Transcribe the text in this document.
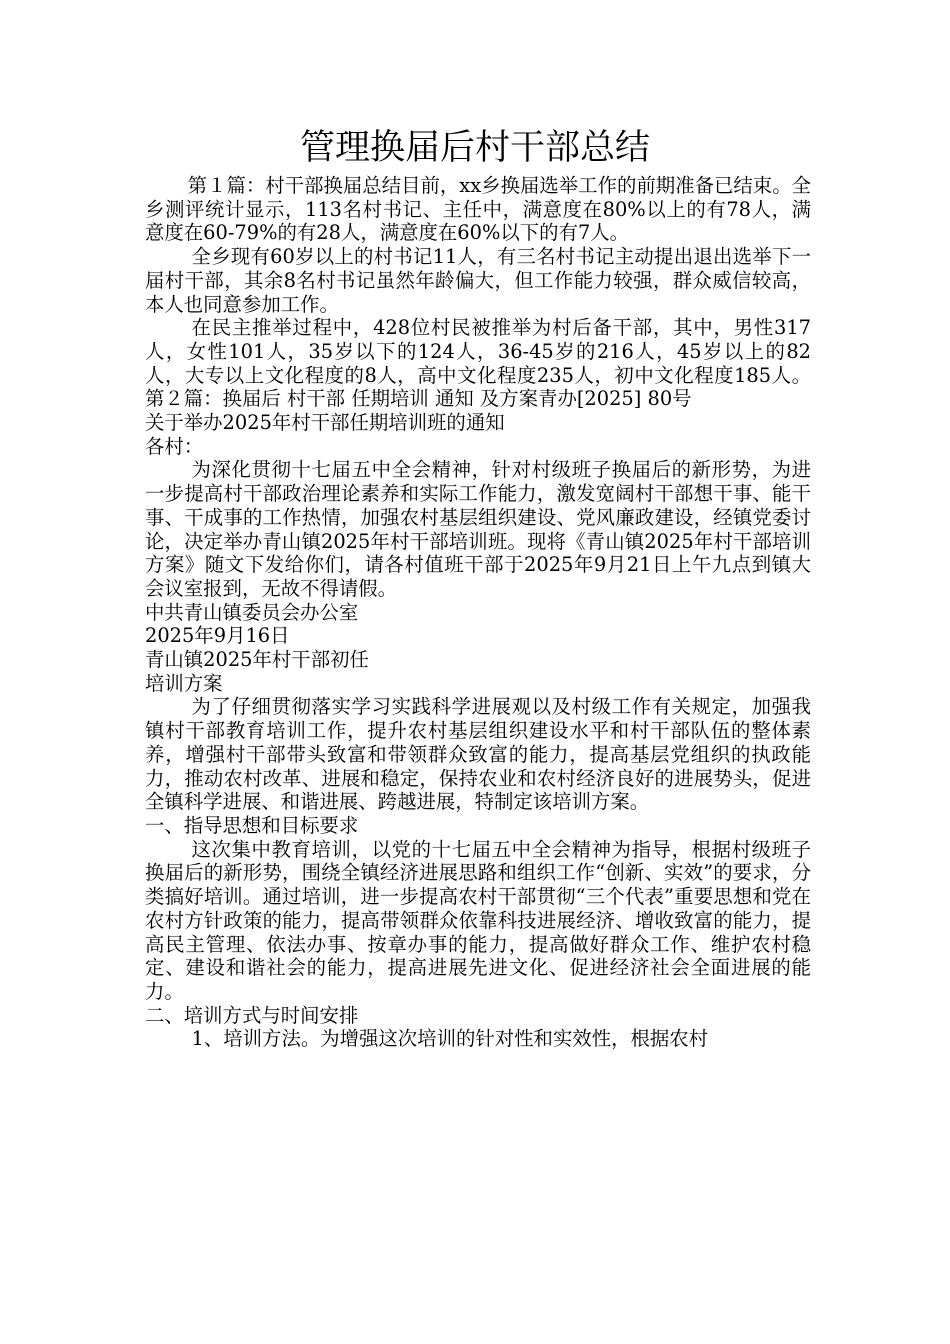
管理换届后村干部总结

第１篇：村干部换届总结目前，xx乡换届选举工作的前期准备已结束。全乡测评统计显示，113名村书记、主任中，满意度在80%以上的有78人，满意度在60-79%的有28人，满意度在60%以下的有7人。

全乡现有60岁以上的村书记11人，有三名村书记主动提出退出选举下一届村干部，其余8名村书记虽然年龄偏大，但工作能力较强，群众威信较高，本人也同意参加工作。

在民主推举过程中，428位村民被推举为村后备干部，其中，男性317人，女性101人，35岁以下的124人，36-45岁的216人，45岁以上的82人，大专以上文化程度的8人，高中文化程度235人，初中文化程度185人。第２篇：换届后 村干部 任期培训 通知 及方案青办[2025] 80号

关于举办2025年村干部任期培训班的通知

各村：

为深化贯彻十七届五中全会精神，针对村级班子换届后的新形势，为进一步提高村干部政治理论素养和实际工作能力，激发宽阔村干部想干事、能干事、干成事的工作热情，加强农村基层组织建设、党风廉政建设，经镇党委讨论，决定举办青山镇2025年村干部培训班。现将《青山镇2025年村干部培训方案》随文下发给你们，请各村值班干部于2025年9月21日上午九点到镇大会议室报到，无故不得请假。

中共青山镇委员会办公室

2025年9月16日

青山镇2025年村干部初任

培训方案

为了仔细贯彻落实学习实践科学进展观以及村级工作有关规定，加强我镇村干部教育培训工作，提升农村基层组织建设水平和村干部队伍的整体素养，增强村干部带头致富和带领群众致富的能力，提高基层党组织的执政能力，推动农村改革、进展和稳定，保持农业和农村经济良好的进展势头，促进全镇科学进展、和谐进展、跨越进展，特制定该培训方案。

一、指导思想和目标要求

这次集中教育培训，以党的十七届五中全会精神为指导，根据村级班子换届后的新形势，围绕全镇经济进展思路和组织工作“创新、实效”的要求，分类搞好培训。通过培训，进一步提高农村干部贯彻“三个代表”重要思想和党在农村方针政策的能力，提高带领群众依靠科技进展经济、增收致富的能力，提高民主管理、依法办事、按章办事的能力，提高做好群众工作、维护农村稳定、建设和谐社会的能力，提高进展先进文化、促进经济社会全面进展的能力。

二、培训方式与时间安排

1、培训方法。为增强这次培训的针对性和实效性，根据农村
